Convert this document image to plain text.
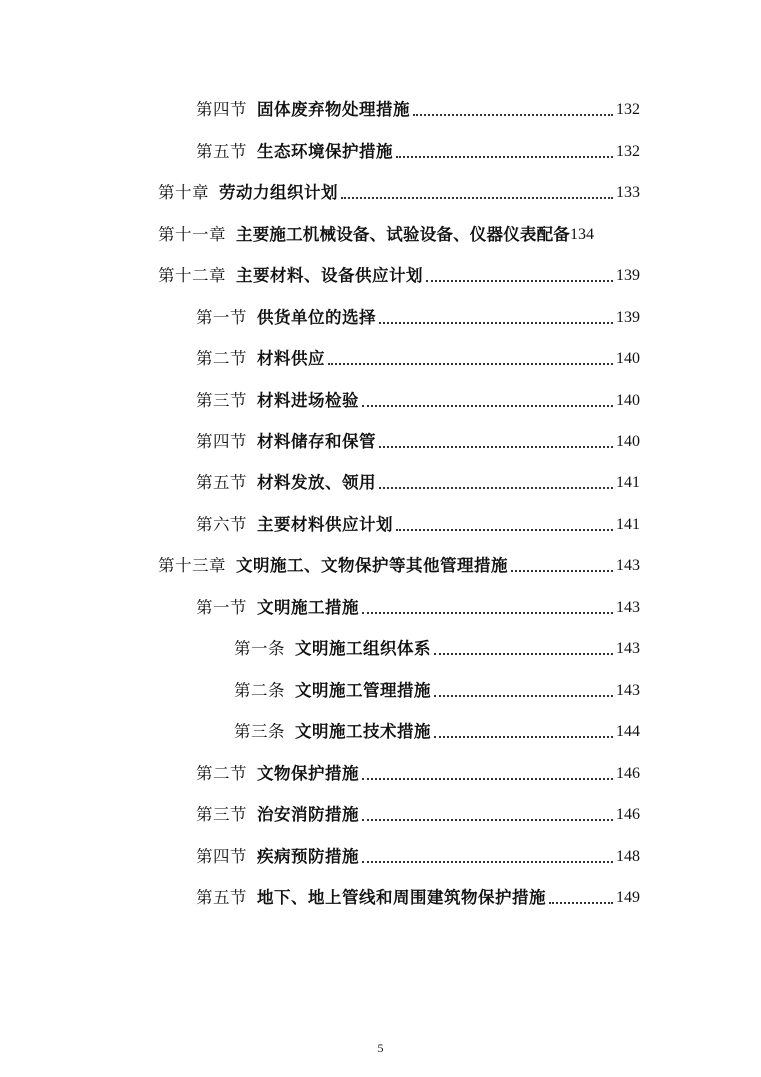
第四节 固体废弃物处理措施	132
第五节 生态环境保护措施	132
第十章 劳动力组织计划	133
第十一章 主要施工机械设备、试验设备、仪器仪表配备 134
第十二章 主要材料、设备供应计划	139
第一节 供货单位的选择	139
第二节 材料供应	140
第三节 材料进场检验	140
第四节 材料储存和保管	140
第五节 材料发放、领用	141
第六节 主要材料供应计划	141
第十三章 文明施工、文物保护等其他管理措施	143
第一节 文明施工措施	143
第一条 文明施工组织体系	143
第二条 文明施工管理措施	143
第三条 文明施工技术措施	144
第二节 文物保护措施	146
第三节 治安消防措施	146
第四节 疾病预防措施	148
第五节 地下、地上管线和周围建筑物保护措施	149
5
